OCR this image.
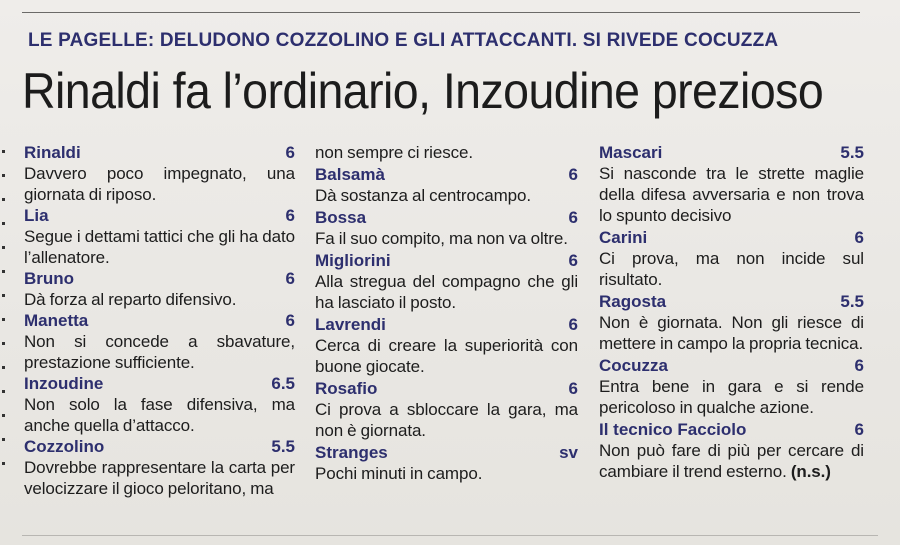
LE PAGELLE: DELUDONO COZZOLINO E GLI ATTACCANTI. SI RIVEDE COCUZZA
Rinaldi fa l’ordinario, Inzoudine prezioso
Rinaldi	6
Davvero poco impegnato, una giornata di riposo.
Lia	6
Segue i dettami tattici che gli ha dato l’allenatore.
Bruno	6
Dà forza al reparto difensivo.
Manetta	6
Non si concede a sbavature, prestazione sufficiente.
Inzoudine	6.5
Non solo la fase difensiva, ma anche quella d’attacco.
Cozzolino	5.5
Dovrebbe rappresentare la carta per velocizzare il gioco peloritano, ma
non sempre ci riesce.
Balsamà	6
Dà sostanza al centrocampo.
Bossa	6
Fa il suo compito, ma non va oltre.
Migliorini	6
Alla stregua del compagno che gli ha lasciato il posto.
Lavrendi	6
Cerca di creare la superiorità con buone giocate.
Rosafio	6
Ci prova a sbloccare la gara, ma non è giornata.
Stranges	sv
Pochi minuti in campo.
Mascari	5.5
Si nasconde tra le strette maglie della difesa avversaria e non trova lo spunto decisivo
Carini	6
Ci prova, ma non incide sul risultato.
Ragosta	5.5
Non è giornata. Non gli riesce di mettere in campo la propria tecnica.
Cocuzza	6
Entra bene in gara e si rende pericoloso in qualche azione.
Il tecnico Facciolo	6
Non può fare di più per cercare di cambiare il trend esterno. (n.s.)
